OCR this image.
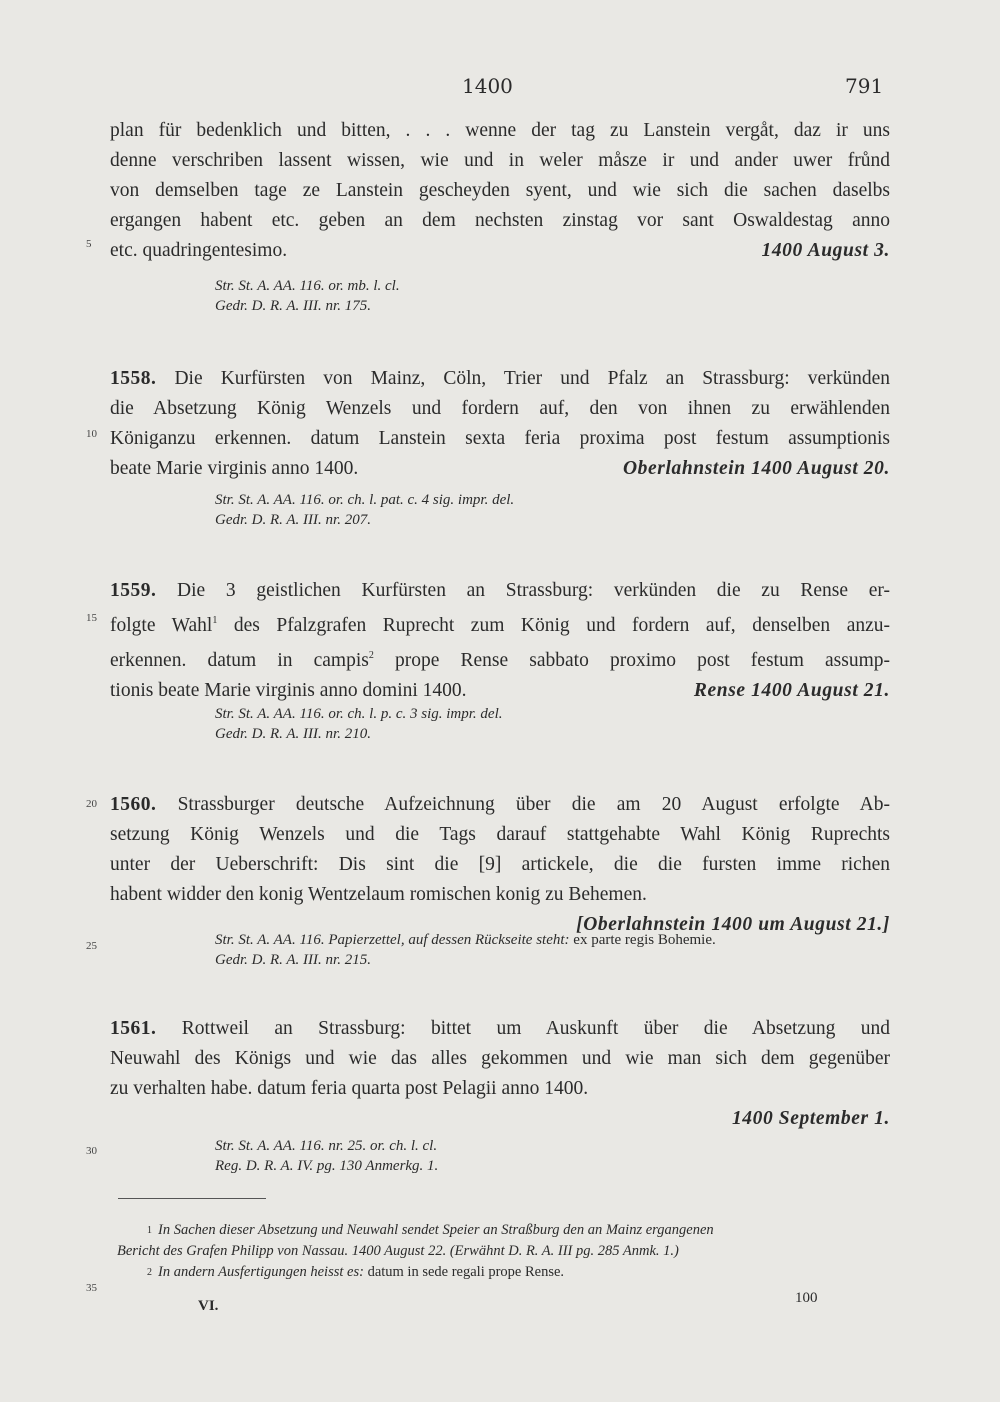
1400	791
plan für bedenklich und bitten, . . . wenne der tag zu Lanstein vergåt, daz ir uns
denne verschriben lassent wissen, wie und in weler måsze ir und ander uwer frůnd
von demselben tage ze Lanstein gescheyden syent, und wie sich die sachen daselbs
ergangen habent etc. geben an dem nechsten zinstag vor sant Oswaldestag anno
etc. quadringentesimo.	1400 August 3.
Str. St. A. AA. 116. or. mb. l. cl.
Gedr. D. R. A. III. nr. 175.
1558. Die Kurfürsten von Mainz, Cöln, Trier und Pfalz an Strassburg: verkünden
die Absetzung König Wenzels und fordern auf, den von ihnen zu erwählenden
Königanzu erkennen. datum Lanstein sexta feria proxima post festum assumptionis
beate Marie virginis anno 1400.	Oberlahnstein 1400 August 20.
Str. St. A. AA. 116. or. ch. l. pat. c. 4 sig. impr. del.
Gedr. D. R. A. III. nr. 207.
1559. Die 3 geistlichen Kurfürsten an Strassburg: verkünden die zu Rense er-
folgte Wahl$^1$ des Pfalzgrafen Ruprecht zum König und fordern auf, denselben anzu-
erkennen. datum in campis$^2$ prope Rense sabbato proximo post festum assump-
tionis beate Marie virginis anno domini 1400.	Rense 1400 August 21.
Str. St. A. AA. 116. or. ch. l. p. c. 3 sig. impr. del.
Gedr. D. R. A. III. nr. 210.
1560. Strassburger deutsche Aufzeichnung über die am 20 August erfolgte Ab-
setzung König Wenzels und die Tags darauf stattgehabte Wahl König Ruprechts
unter der Ueberschrift: Dis sint die [9] artickele, die die fursten imme richen
habent widder den konig Wentzelaum romischen konig zu Behemen.
[Oberlahnstein 1400 um August 21.]
Str. St. A. AA. 116. Papierzettel, auf dessen Rückseite steht: ex parte regis Bohemie.
Gedr. D. R. A. III. nr. 215.
1561. Rottweil an Strassburg: bittet um Auskunft über die Absetzung und
Neuwahl des Königs und wie das alles gekommen und wie man sich dem gegenüber
zu verhalten habe. datum feria quarta post Pelagii anno 1400.
1400 September 1.
Str. St. A. AA. 116. nr. 25. or. ch. l. cl.
Reg. D. R. A. IV. pg. 130 Anmerkg. 1.
5
10
15
20
25
30
35
1 In Sachen dieser Absetzung und Neuwahl sendet Speier an Straßburg den an Mainz ergangenen
Bericht des Grafen Philipp von Nassau. 1400 August 22. (Erwähnt D. R. A. III pg. 285 Anmk. 1.)
2 In andern Ausfertigungen heisst es: datum in sede regali prope Rense.
VI.	100
